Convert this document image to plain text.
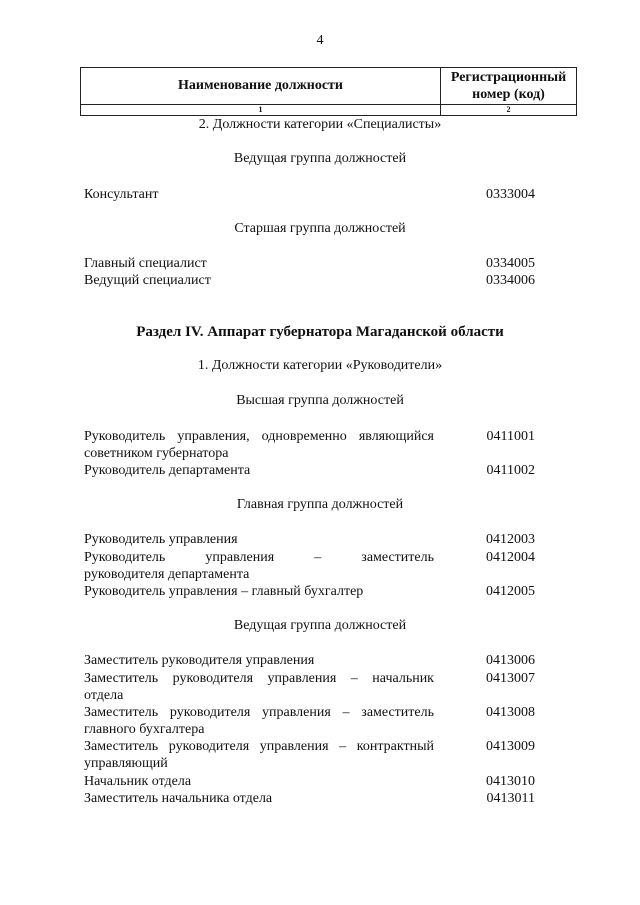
4
Наименование должности	Регистрационный
номер (код)

1	2
2. Должности категории «Специалисты»
Ведущая группа должностей
Консультант	0333004
Старшая группа должностей
Главный специалист	0334005
Ведущий специалист	0334006
Раздел IV. Аппарат губернатора Магаданской области
1. Должности категории «Руководители»
Высшая группа должностей
Руководитель управления, одновременно являющийся
советником губернатора
0411001
Руководитель департамента	0411002
Главная группа должностей
Руководитель управления	0412003
Руководитель управления – заместитель
руководителя департамента
0412004
Руководитель управления – главный бухгалтер	0412005
Ведущая группа должностей
Заместитель руководителя управления	0413006
Заместитель руководителя управления – начальник
отдела
0413007
Заместитель руководителя управления – заместитель
главного бухгалтера
0413008
Заместитель руководителя управления – контрактный
управляющий
0413009
Начальник отдела	0413010
Заместитель начальника отдела	0413011
